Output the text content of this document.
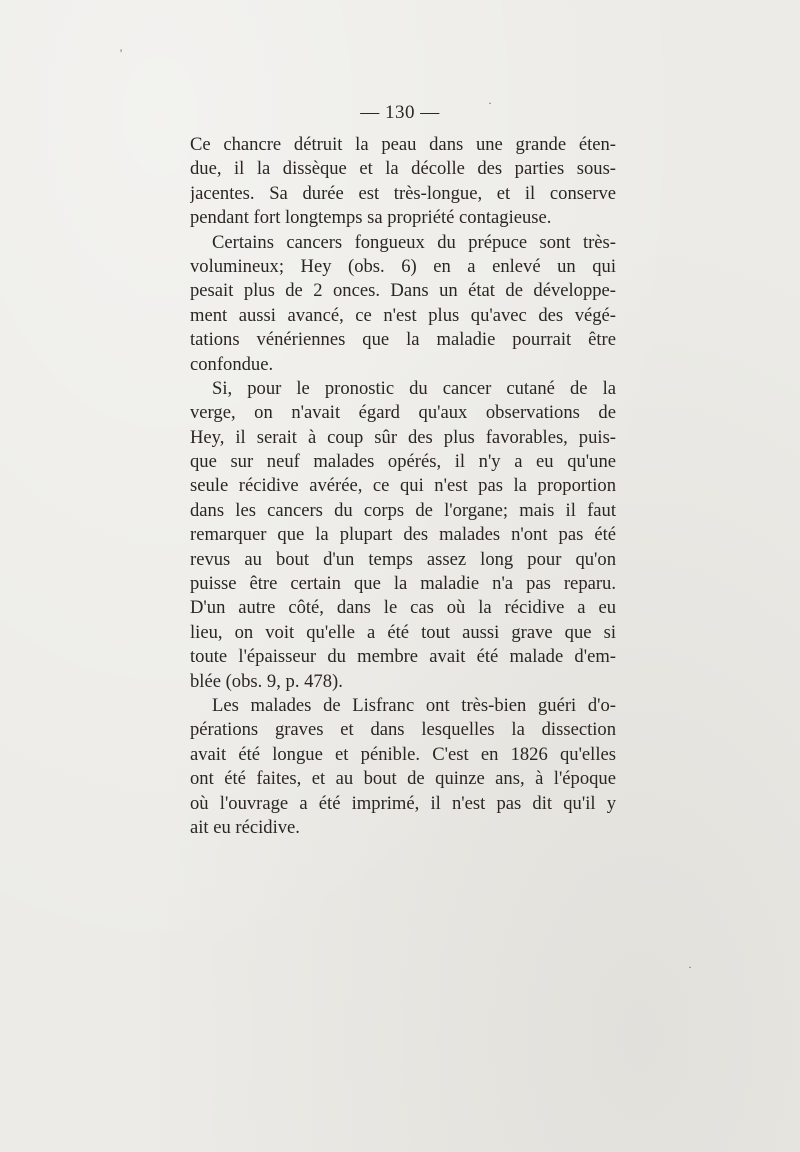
— 130 —
Ce chancre détruit la peau dans une grande éten-
due, il la dissèque et la décolle des parties sous-
jacentes. Sa durée est très-longue, et il conserve
pendant fort longtemps sa propriété contagieuse.
Certains cancers fongueux du prépuce sont très-
volumineux; Hey (obs. 6) en a enlevé un qui
pesait plus de 2 onces. Dans un état de développe-
ment aussi avancé, ce n'est plus qu'avec des végé-
tations vénériennes que la maladie pourrait être
confondue.
Si, pour le pronostic du cancer cutané de la
verge, on n'avait égard qu'aux observations de
Hey, il serait à coup sûr des plus favorables, puis-
que sur neuf malades opérés, il n'y a eu qu'une
seule récidive avérée, ce qui n'est pas la proportion
dans les cancers du corps de l'organe; mais il faut
remarquer que la plupart des malades n'ont pas été
revus au bout d'un temps assez long pour qu'on
puisse être certain que la maladie n'a pas reparu.
D'un autre côté, dans le cas où la récidive a eu
lieu, on voit qu'elle a été tout aussi grave que si
toute l'épaisseur du membre avait été malade d'em-
blée (obs. 9, p. 478).
Les malades de Lisfranc ont très-bien guéri d'o-
pérations graves et dans lesquelles la dissection
avait été longue et pénible. C'est en 1826 qu'elles
ont été faites, et au bout de quinze ans, à l'époque
où l'ouvrage a été imprimé, il n'est pas dit qu'il y
ait eu récidive.
·
·
'
